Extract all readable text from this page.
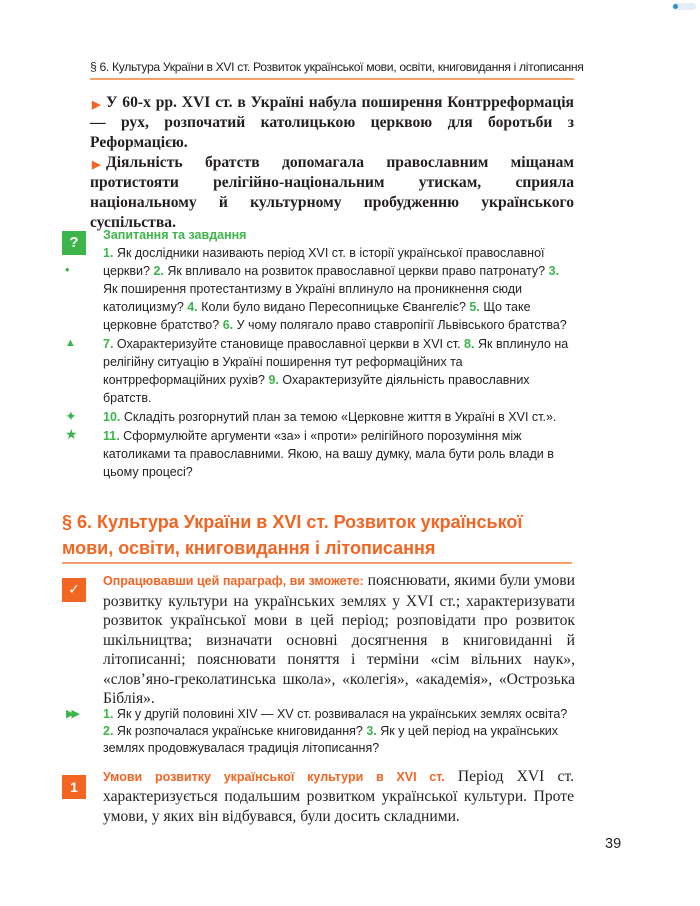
§ 6. Культура України в XVI ст. Розвиток української мови, освіти, книговидання і літописання

▶ У 60-х рр. XVI ст. в Україні набула поширення Контрреформація — рух, розпочатий католицькою церквою для боротьби з Реформацією.

▶ Діяльність братств допомагала православним міщанам протистояти релігійно-національним утискам, сприяла національному й культурному пробудженню українського суспільства.

?	Запитання та завдання
•
1. Як дослідники називають період XVI ст. в історії української православної церкви? 2. Як впливало на розвиток православної церкви право патронату? 3. Як поширення протестантизму в Україні вплинуло на проникнення сюди католицизму? 4. Коли було видано Пересопницьке Євангеліє? 5. Що таке церковне братство? 6. У чому полягало право ставропігії Львівського братства?
▲ 7. Охарактеризуйте становище православної церкви в XVI ст. 8. Як вплинуло на релігійну ситуацію в Україні поширення тут реформаційних та контрреформаційних рухів? 9. Охарактеризуйте діяльність православних братств.
✦ 10. Складіть розгорнутий план за темою «Церковне життя в Україні в XVI ст.».
★ 11. Сформулюйте аргументи «за» і «проти» релігійного порозуміння між католиками та православними. Якою, на вашу думку, мала бути роль влади в цьому процесі?
§ 6. Культура України в XVI ст. Розвиток української
мови, освіти, книговидання і літописання
✓
Опрацювавши цей параграф, ви зможете: пояснювати, якими були умови розвитку культури на українських землях у XVI ст.; характеризувати розвиток української мови в цей період; розповідати про розвиток шкільництва; визначати основні досягнення в книговиданні й літописанні; пояснювати поняття і терміни «сім вільних наук», «слов’яно-греколатинська школа», «колегія», «академія», «Острозька Біблія».
▶▶ 1. Як у другій половині XIV — XV ст. розвивалася на українських землях освіта? 2. Як розпочалася українське книговидання? 3. Як у цей період на українських землях продовжувалася традиція літописання?
1
Умови розвитку української культури в XVI ст. Період XVI ст. характеризується подальшим розвитком української культури. Проте умови, у яких він відбувався, були досить складними.
39
